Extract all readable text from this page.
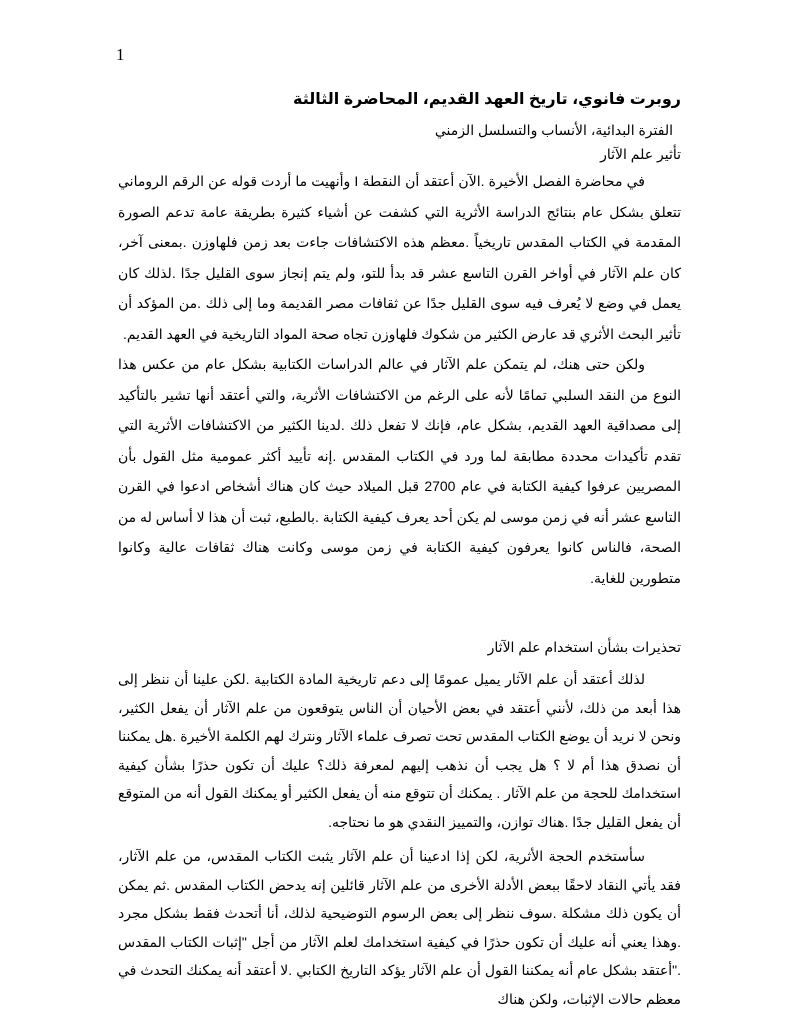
1
روبرت فانوي، تاريخ العهد القديم، المحاضرة الثالثة
الفترة البدائية، الأنساب والتسلسل الزمني
تأثير علم الآثار

في محاضرة الفصل الأخيرة .الآن أعتقد أن النقطة I وأنهيت ما أردت قوله عن الرقم الروماني تتعلق بشكل عام بنتائج الدراسة الأثرية التي كشفت عن أشياء كثيرة بطريقة عامة تدعم الصورة المقدمة في الكتاب المقدس تاريخياً .معظم هذه الاكتشافات جاءت بعد زمن فلهاوزن .بمعنى آخر، كان علم الآثار في أواخر القرن التاسع عشر قد بدأ للتو، ولم يتم إنجاز سوى القليل جدًا .لذلك كان يعمل في وضع لا يُعرف فيه سوى القليل جدًا عن ثقافات مصر القديمة وما إلى ذلك .من المؤكد أن تأثير البحث الأثري قد عارض الكثير من شكوك فلهاوزن تجاه صحة المواد التاريخية في العهد القديم.

ولكن حتى هنك، لم يتمكن علم الآثار في عالم الدراسات الكتابية بشكل عام من عكس هذا النوع من النقد السلبي تمامًا لأنه على الرغم من الاكتشافات الأثرية، والتي أعتقد أنها تشير بالتأكيد إلى مصداقية العهد القديم، بشكل عام، فإنك لا تفعل ذلك .لدينا الكثير من الاكتشافات الأثرية التي تقدم تأكيدات محددة مطابقة لما ورد في الكتاب المقدس .إنه تأييد أكثر عمومية مثل القول بأن المصريين عرفوا كيفية الكتابة في عام 2700 قبل الميلاد حيث كان هناك أشخاص ادعوا في القرن التاسع عشر أنه في زمن موسى لم يكن أحد يعرف كيفية الكتابة .بالطبع، ثبت أن هذا لا أساس له من الصحة، فالناس كانوا يعرفون كيفية الكتابة في زمن موسى وكانت هناك ثقافات عالية وكانوا متطورين للغاية.

تحذيرات بشأن استخدام علم الآثار

لذلك أعتقد أن علم الآثار يميل عمومًا إلى دعم تاريخية المادة الكتابية .لكن علينا أن ننظر إلى هذا أبعد من ذلك، لأنني أعتقد في بعض الأحيان أن الناس يتوقعون من علم الآثار أن يفعل الكثير، ونحن لا نريد أن يوضع الكتاب المقدس تحت تصرف علماء الآثار ونترك لهم الكلمة الأخيرة .هل يمكننا أن نصدق هذا أم لا ؟ هل يجب أن نذهب إليهم لمعرفة ذلك؟ عليك أن تكون حذرًا بشأن كيفية استخدامك للحجة من علم الآثار . يمكنك أن تتوقع منه أن يفعل الكثير أو يمكنك القول أنه من المتوقع أن يفعل القليل جدًا .هناك توازن، والتمييز النقدي هو ما نحتاجه.

سأستخدم الحجة الأثرية، لكن إذا ادعينا أن علم الآثار يثبت الكتاب المقدس، من علم الآثار، فقد يأتي النقاد لاحقًا ببعض الأدلة الأخرى من علم الآثار قائلين إنه يدحض الكتاب المقدس .ثم يمكن أن يكون ذلك مشكلة .سوف ننظر إلى بعض الرسوم التوضيحية لذلك، أنا أتحدث فقط بشكل مجرد .وهذا يعني أنه عليك أن تكون حذرًا في كيفية استخدامك لعلم الآثار من أجل "إثبات الكتاب المقدس ."أعتقد بشكل عام أنه يمكننا القول أن علم الآثار يؤكد التاريخ الكتابي .لا أعتقد أنه يمكنك التحدث في معظم حالات الإثبات، ولكن هناك
